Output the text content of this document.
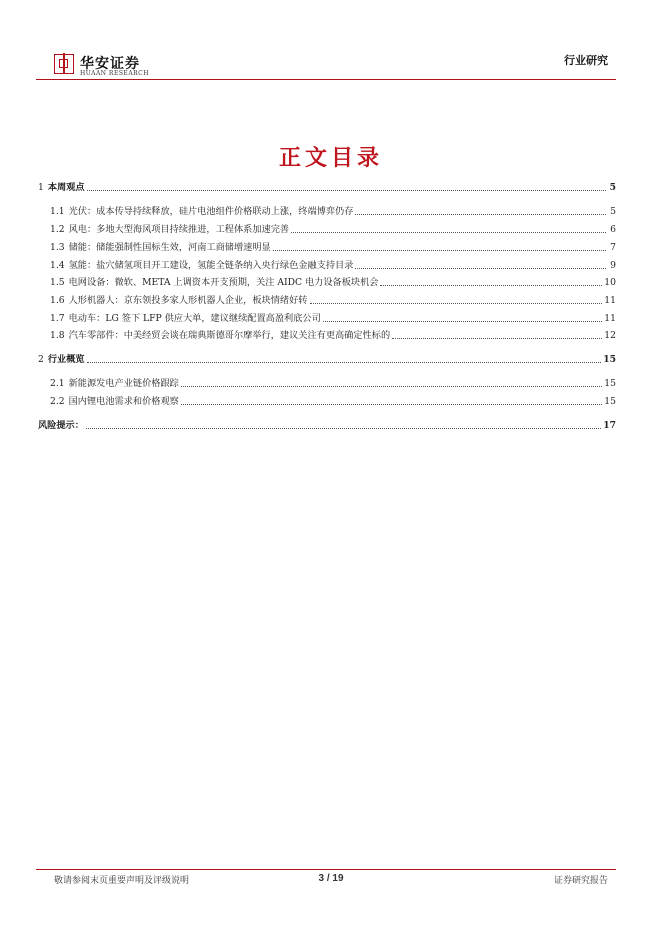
华安证券
HUAAN RESEARCH
行业研究
正文目录
1 本周观点	5
1.1 光伏：成本传导持续释放，硅片电池组件价格联动上涨，终端博弈仍存	5
1.2 风电：多地大型海风项目持续推进，工程体系加速完善	6
1.3 储能：储能强制性国标生效，河南工商储增速明显	7
1.4 氢能：盐穴储氢项目开工建设，氢能全链条纳入央行绿色金融支持目录	9
1.5 电网设备：微软、META 上调资本开支预期，关注 AIDC 电力设备板块机会	10
1.6 人形机器人：京东领投多家人形机器人企业，板块情绪好转	11
1.7 电动车：LG 签下 LFP 供应大单，建议继续配置高盈利底公司	11
1.8 汽车零部件：中美经贸会谈在瑞典斯德哥尔摩举行，建议关注有更高确定性标的	12
2 行业概览	15
2.1 新能源发电产业链价格跟踪	15
2.2 国内锂电池需求和价格观察	15
风险提示：	17
敬请参阅末页重要声明及评级说明	3 / 19	证券研究报告
